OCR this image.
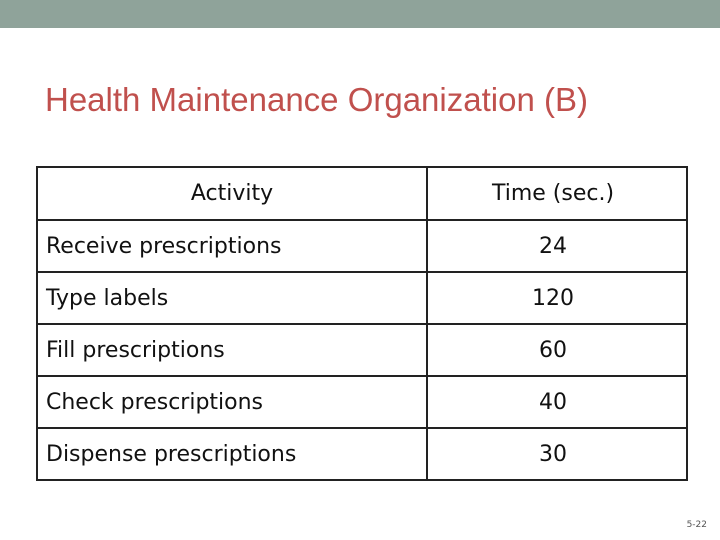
Health Maintenance Organization (B)
Activity	Time (sec.)
Receive prescriptions	24
Type labels	120
Fill prescriptions	60
Check prescriptions	40
Dispense prescriptions	30
5-22
